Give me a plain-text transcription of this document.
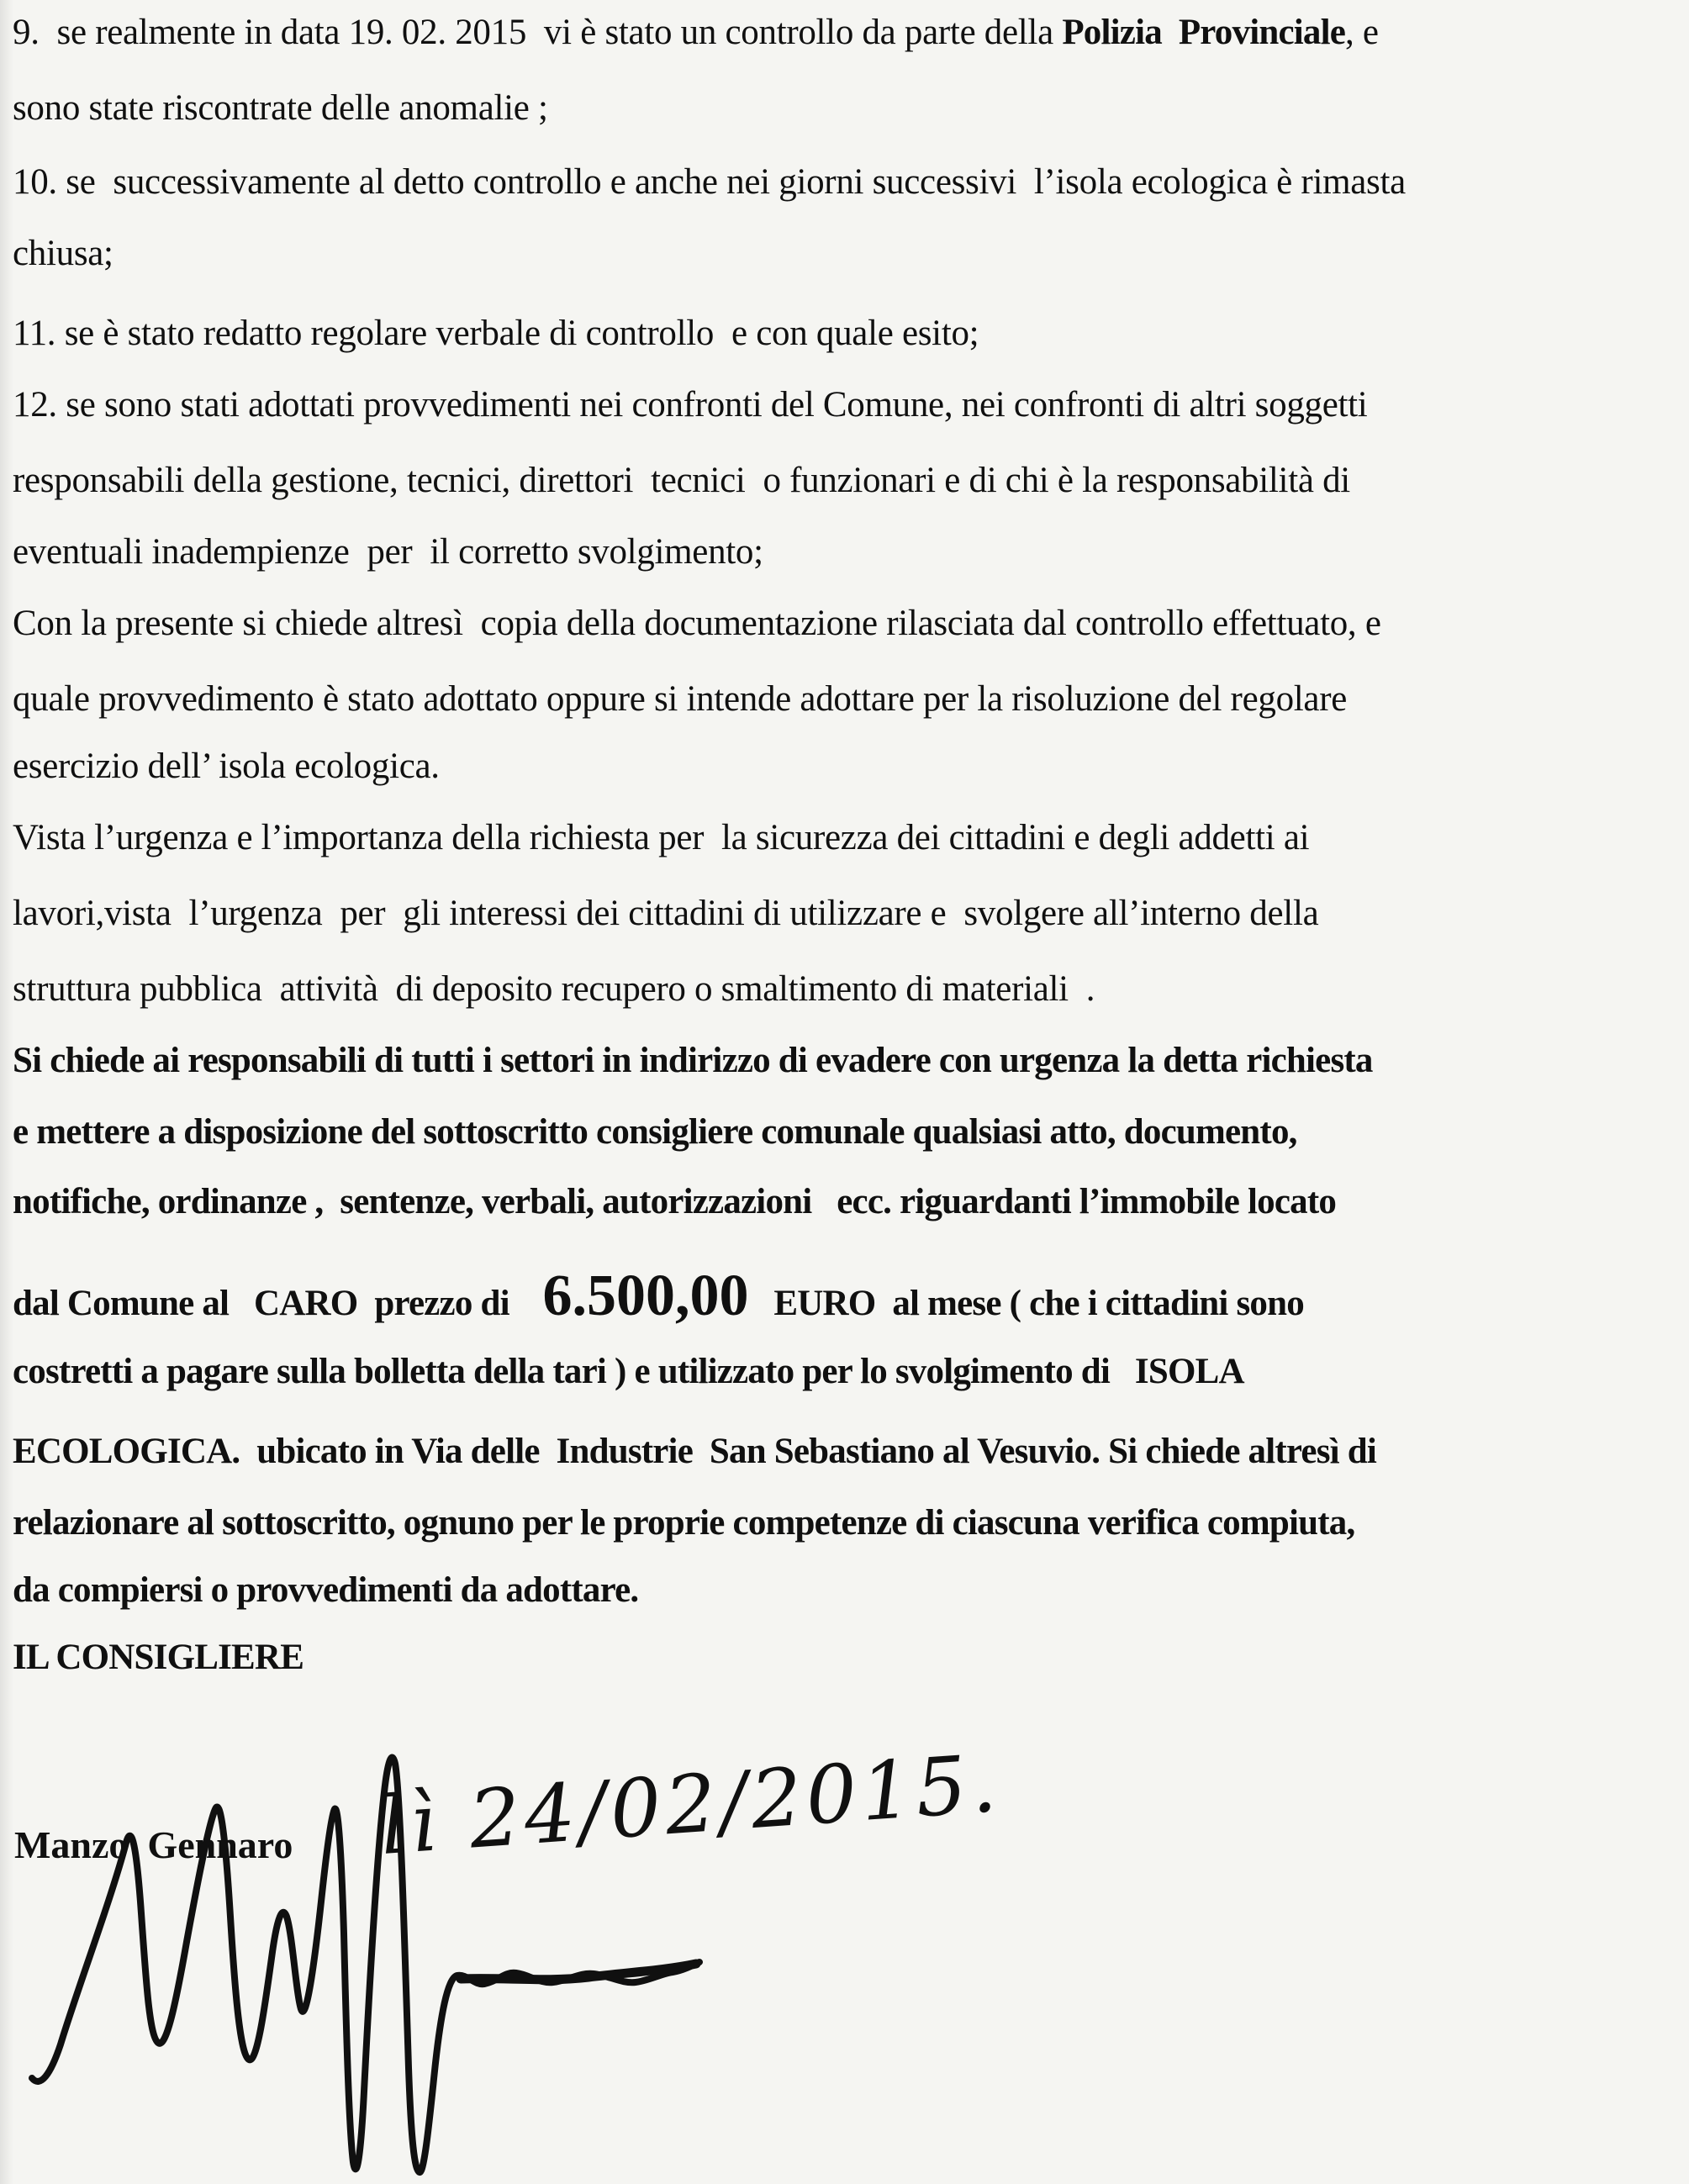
9.  se realmente in data 19. 02. 2015  vi è stato un controllo da parte della Polizia  Provinciale, e
sono state riscontrate delle anomalie ;
10. se  successivamente al detto controllo e anche nei giorni successivi  l’isola ecologica è rimasta
chiusa;
11. se è stato redatto regolare verbale di controllo  e con quale esito;
12. se sono stati adottati provvedimenti nei confronti del Comune, nei confronti di altri soggetti
responsabili della gestione, tecnici, direttori  tecnici  o funzionari e di chi è la responsabilità di
eventuali inadempienze  per  il corretto svolgimento;
Con la presente si chiede altresì  copia della documentazione rilasciata dal controllo effettuato, e
quale provvedimento è stato adottato oppure si intende adottare per la risoluzione del regolare
esercizio dell’ isola ecologica.
Vista l’urgenza e l’importanza della richiesta per  la sicurezza dei cittadini e degli addetti ai
lavori,vista  l’urgenza  per  gli interessi dei cittadini di utilizzare e  svolgere all’interno della
struttura pubblica  attività  di deposito recupero o smaltimento di materiali  .
Si chiede ai responsabili di tutti i settori in indirizzo di evadere con urgenza la detta richiesta
e mettere a disposizione del sottoscritto consigliere comunale qualsiasi atto, documento,
notifiche, ordinanze ,  sentenze, verbali, autorizzazioni   ecc. riguardanti l’immobile locato
dal Comune al   CARO  prezzo di    6.500,00   EURO  al mese ( che i cittadini sono
costretti a pagare sulla bolletta della tari ) e utilizzato per lo svolgimento di   ISOLA
ECOLOGICA.  ubicato in Via delle  Industrie  San Sebastiano al Vesuvio. Si chiede altresì di
relazionare al sottoscritto, ognuno per le proprie competenze di ciascuna verifica compiuta,
da compiersi o provvedimenti da adottare.
IL CONSIGLIERE
Manzo  Gennaro lì 24/02/2015.
